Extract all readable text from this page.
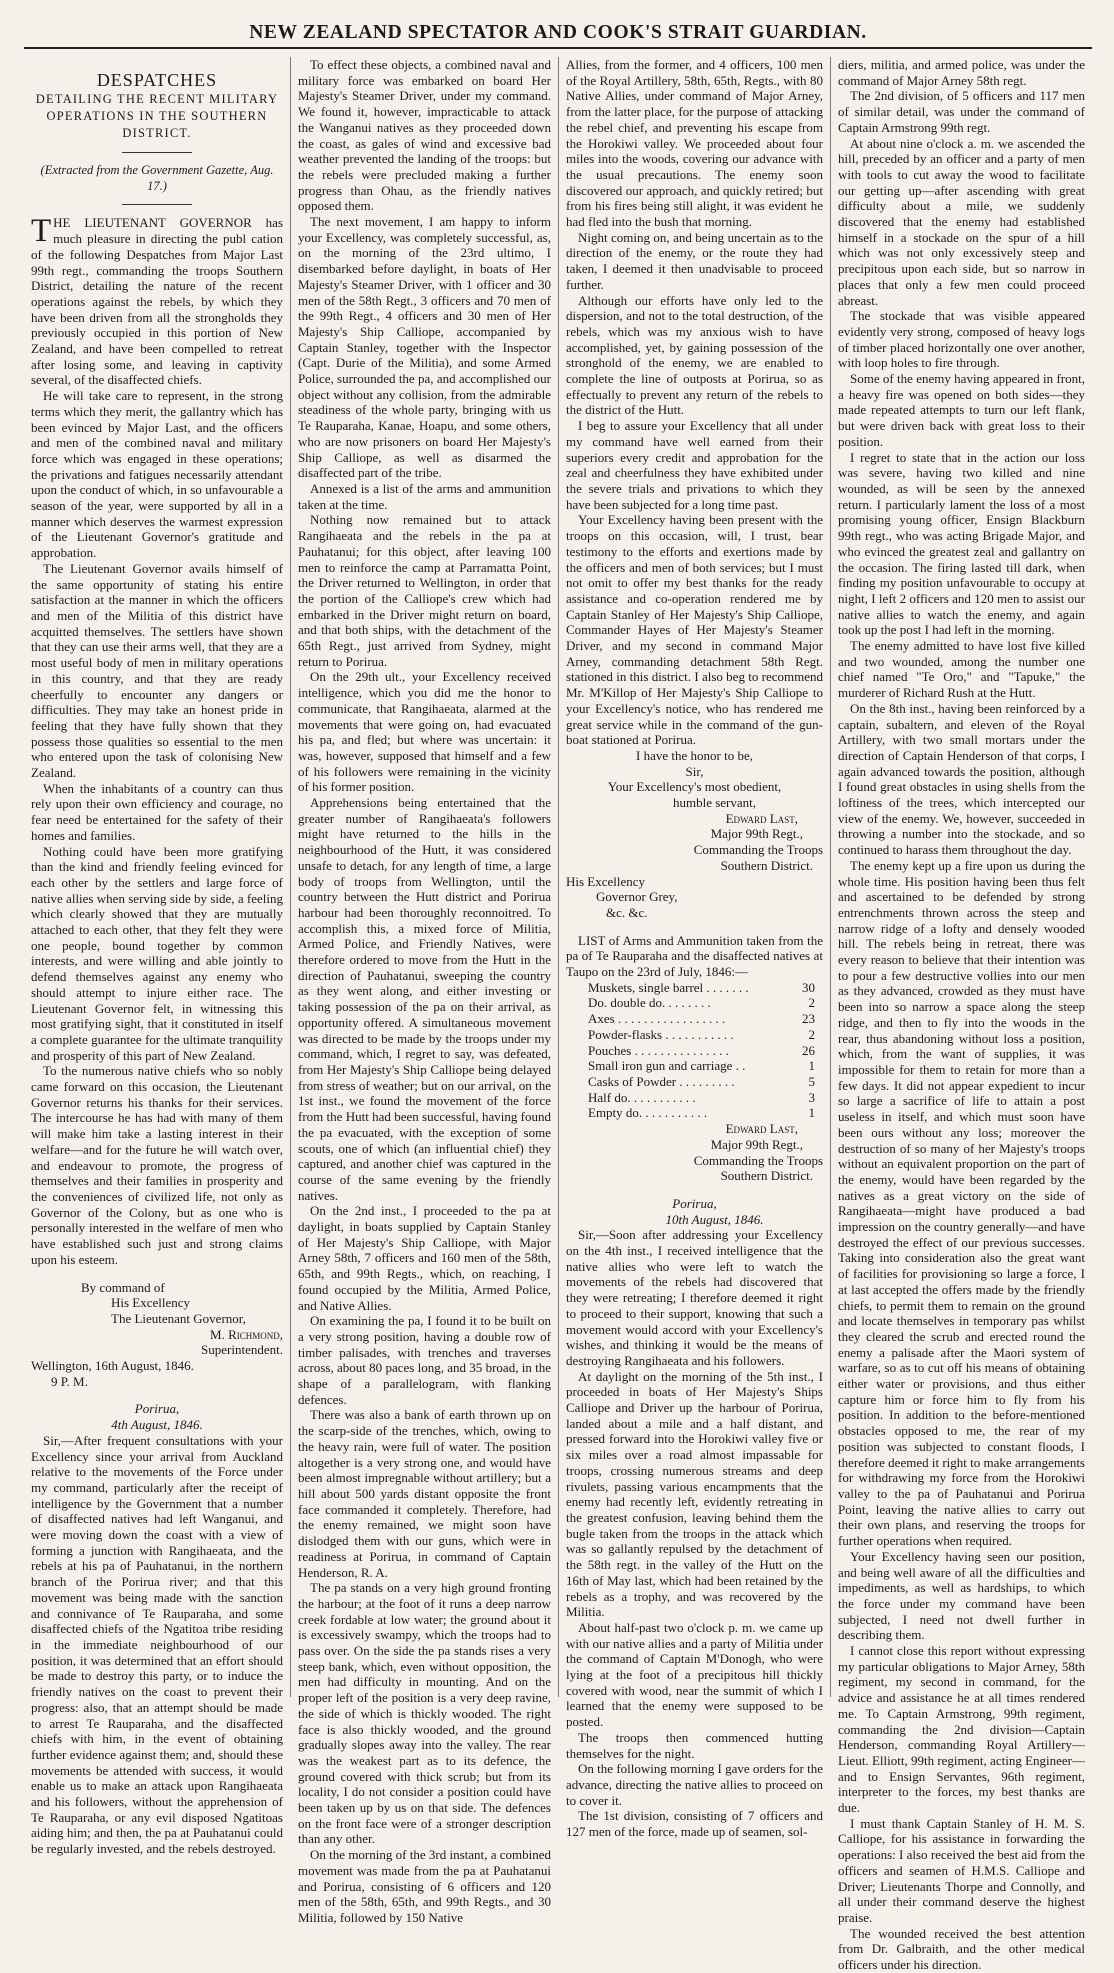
NEW ZEALAND SPECTATOR AND COOK'S STRAIT GUARDIAN.
DESPATCHES
DETAILING THE RECENT MILITARY
OPERATIONS IN THE SOUTHERN
DISTRICT.
(Extracted from the Government Gazette, Aug. 17.)

THE LIEUTENANT GOVERNOR has much pleasure in directing the publ cation of the following Despatches from Major Last 99th regt., commanding the troops Southern District, detailing the nature of the recent operations against the rebels, by which they have been driven from all the strongholds they previously occupied in this portion of New Zealand, and have been compelled to retreat after losing some, and leaving in captivity several, of the disaffected chiefs.

He will take care to represent, in the strong terms which they merit, the gallantry which has been evinced by Major Last, and the officers and men of the combined naval and military force which was engaged in these operations; the privations and fatigues necessarily attendant upon the conduct of which, in so unfavourable a season of the year, were supported by all in a manner which deserves the warmest expression of the Lieutenant Governor's gratitude and approbation.

The Lieutenant Governor avails himself of the same opportunity of stating his entire satisfaction at the manner in which the officers and men of the Militia of this district have acquitted themselves. The settlers have shown that they can use their arms well, that they are a most useful body of men in military operations in this country, and that they are ready cheerfully to encounter any dangers or difficulties. They may take an honest pride in feeling that they have fully shown that they possess those qualities so essential to the men who entered upon the task of colonising New Zealand.

When the inhabitants of a country can thus rely upon their own efficiency and courage, no fear need be entertained for the safety of their homes and families.

Nothing could have been more gratifying than the kind and friendly feeling evinced for each other by the settlers and large force of native allies when serving side by side, a feeling which clearly showed that they are mutually attached to each other, that they felt they were one people, bound together by common interests, and were willing and able jointly to defend themselves against any enemy who should attempt to injure either race. The Lieutenant Governor felt, in witnessing this most gratifying sight, that it constituted in itself a complete guarantee for the ultimate tranquility and prosperity of this part of New Zealand.

To the numerous native chiefs who so nobly came forward on this occasion, the Lieutenant Governor returns his thanks for their services. The intercourse he has had with many of them will make him take a lasting interest in their welfare—and for the future he will watch over, and endeavour to promote, the progress of themselves and their families in prosperity and the conveniences of civilized life, not only as Governor of the Colony, but as one who is personally interested in the welfare of men who have established such just and strong claims upon his esteem.

By command of

His Excellency

The Lieutenant Governor,

M. Richmond,

Superintendent.

Wellington, 16th August, 1846.

9 P. M.

Porirua,

4th August, 1846.

Sir,—After frequent consultations with your Excellency since your arrival from Auckland relative to the movements of the Force under my command, particularly after the receipt of intelligence by the Government that a number of disaffected natives had left Wanganui, and were moving down the coast with a view of forming a junction with Rangihaeata, and the rebels at his pa of Pauhatanui, in the northern branch of the Porirua river; and that this movement was being made with the sanction and connivance of Te Rauparaha, and some disaffected chiefs of the Ngatitoa tribe residing in the immediate neighbourhood of our position, it was determined that an effort should be made to destroy this party, or to induce the friendly natives on the coast to prevent their progress: also, that an attempt should be made to arrest Te Rauparaha, and the disaffected chiefs with him, in the event of obtaining further evidence against them; and, should these movements be attended with success, it would enable us to make an attack upon Rangihaeata and his followers, without the apprehension of Te Rauparaha, or any evil disposed Ngatitoas aiding him; and then, the pa at Pauhatanui could be regularly invested, and the rebels destroyed.

To effect these objects, a combined naval and military force was embarked on board Her Majesty's Steamer Driver, under my command. We found it, however, impracticable to attack the Wanganui natives as they proceeded down the coast, as gales of wind and excessive bad weather prevented the landing of the troops: but the rebels were precluded making a further progress than Ohau, as the friendly natives opposed them.

The next movement, I am happy to inform your Excellency, was completely successful, as, on the morning of the 23rd ultimo, I disembarked before daylight, in boats of Her Majesty's Steamer Driver, with 1 officer and 30 men of the 58th Regt., 3 officers and 70 men of the 99th Regt., 4 officers and 30 men of Her Majesty's Ship Calliope, accompanied by Captain Stanley, together with the Inspector (Capt. Durie of the Militia), and some Armed Police, surrounded the pa, and accomplished our object without any collision, from the admirable steadiness of the whole party, bringing with us Te Rauparaha, Kanae, Hoapu, and some others, who are now prisoners on board Her Majesty's Ship Calliope, as well as disarmed the disaffected part of the tribe.

Annexed is a list of the arms and ammunition taken at the time.

Nothing now remained but to attack Rangihaeata and the rebels in the pa at Pauhatanui; for this object, after leaving 100 men to reinforce the camp at Parramatta Point, the Driver returned to Wellington, in order that the portion of the Calliope's crew which had embarked in the Driver might return on board, and that both ships, with the detachment of the 65th Regt., just arrived from Sydney, might return to Porirua.

On the 29th ult., your Excellency received intelligence, which you did me the honor to communicate, that Rangihaeata, alarmed at the movements that were going on, had evacuated his pa, and fled; but where was uncertain: it was, however, supposed that himself and a few of his followers were remaining in the vicinity of his former position.

Apprehensions being entertained that the greater number of Rangihaeata's followers might have returned to the hills in the neighbourhood of the Hutt, it was considered unsafe to detach, for any length of time, a large body of troops from Wellington, until the country between the Hutt district and Porirua harbour had been thoroughly reconnoitred. To accomplish this, a mixed force of Militia, Armed Police, and Friendly Natives, were therefore ordered to move from the Hutt in the direction of Pauhatanui, sweeping the country as they went along, and either investing or taking possession of the pa on their arrival, as opportunity offered. A simultaneous movement was directed to be made by the troops under my command, which, I regret to say, was defeated, from Her Majesty's Ship Calliope being delayed from stress of weather; but on our arrival, on the 1st inst., we found the movement of the force from the Hutt had been successful, having found the pa evacuated, with the exception of some scouts, one of which (an influential chief) they captured, and another chief was captured in the course of the same evening by the friendly natives.

On the 2nd inst., I proceeded to the pa at daylight, in boats supplied by Captain Stanley of Her Majesty's Ship Calliope, with Major Arney 58th, 7 officers and 160 men of the 58th, 65th, and 99th Regts., which, on reaching, I found occupied by the Militia, Armed Police, and Native Allies.

On examining the pa, I found it to be built on a very strong position, having a double row of timber palisades, with trenches and traverses across, about 80 paces long, and 35 broad, in the shape of a parallelogram, with flanking defences.

There was also a bank of earth thrown up on the scarp-side of the trenches, which, owing to the heavy rain, were full of water. The position altogether is a very strong one, and would have been almost impregnable without artillery; but a hill about 500 yards distant opposite the front face commanded it completely. Therefore, had the enemy remained, we might soon have dislodged them with our guns, which were in readiness at Porirua, in command of Captain Henderson, R. A.

The pa stands on a very high ground fronting the harbour; at the foot of it runs a deep narrow creek fordable at low water; the ground about it is excessively swampy, which the troops had to pass over. On the side the pa stands rises a very steep bank, which, even without opposition, the men had difficulty in mounting. And on the proper left of the position is a very deep ravine, the side of which is thickly wooded. The right face is also thickly wooded, and the ground gradually slopes away into the valley. The rear was the weakest part as to its defence, the ground covered with thick scrub; but from its locality, I do not consider a position could have been taken up by us on that side. The defences on the front face were of a stronger description than any other.

On the morning of the 3rd instant, a combined movement was made from the pa at Pauhatanui and Porirua, consisting of 6 officers and 120 men of the 58th, 65th, and 99th Regts., and 30 Militia, followed by 150 Native

Allies, from the former, and 4 officers, 100 men of the Royal Artillery, 58th, 65th, Regts., with 80 Native Allies, under command of Major Arney, from the latter place, for the purpose of attacking the rebel chief, and preventing his escape from the Horokiwi valley. We proceeded about four miles into the woods, covering our advance with the usual precautions. The enemy soon discovered our approach, and quickly retired; but from his fires being still alight, it was evident he had fled into the bush that morning.

Night coming on, and being uncertain as to the direction of the enemy, or the route they had taken, I deemed it then unadvisable to proceed further.

Although our efforts have only led to the dispersion, and not to the total destruction, of the rebels, which was my anxious wish to have accomplished, yet, by gaining possession of the stronghold of the enemy, we are enabled to complete the line of outposts at Porirua, so as effectually to prevent any return of the rebels to the district of the Hutt.

I beg to assure your Excellency that all under my command have well earned from their superiors every credit and approbation for the zeal and cheerfulness they have exhibited under the severe trials and privations to which they have been subjected for a long time past.

Your Excellency having been present with the troops on this occasion, will, I trust, bear testimony to the efforts and exertions made by the officers and men of both services; but I must not omit to offer my best thanks for the ready assistance and co-operation rendered me by Captain Stanley of Her Majesty's Ship Calliope, Commander Hayes of Her Majesty's Steamer Driver, and my second in command Major Arney, commanding detachment 58th Regt. stationed in this district. I also beg to recommend Mr. M'Killop of Her Majesty's Ship Calliope to your Excellency's notice, who has rendered me great service while in the command of the gun-boat stationed at Porirua.

I have the honor to be,

Sir,

Your Excellency's most obedient,

humble servant,

Edward Last,

Major 99th Regt.,

Commanding the Troops

Southern District.

His Excellency

Governor Grey,

&c. &c.

LIST of Arms and Ammunition taken from the pa of Te Rauparaha and the disaffected natives at Taupo on the 23rd of July, 1846:—

Muskets, single barrel . . . . . . .	30
Do. double do. . . . . . . .	2
Axes . . . . . . . . . . . . . . . . .	23
Powder-flasks . . . . . . . . . . .	2
Pouches . . . . . . . . . . . . . . .	26
Small iron gun and carriage . .	1
Casks of Powder . . . . . . . . .	5
Half do. . . . . . . . . . .	3
Empty do. . . . . . . . . . .	1

Edward Last,

Major 99th Regt.,

Commanding the Troops

Southern District.

Porirua,

10th August, 1846.

Sir,—Soon after addressing your Excellency on the 4th inst., I received intelligence that the native allies who were left to watch the movements of the rebels had discovered that they were retreating; I therefore deemed it right to proceed to their support, knowing that such a movement would accord with your Excellency's wishes, and thinking it would be the means of destroying Rangihaeata and his followers.

At daylight on the morning of the 5th inst., I proceeded in boats of Her Majesty's Ships Calliope and Driver up the harbour of Porirua, landed about a mile and a half distant, and pressed forward into the Horokiwi valley five or six miles over a road almost impassable for troops, crossing numerous streams and deep rivulets, passing various encampments that the enemy had recently left, evidently retreating in the greatest confusion, leaving behind them the bugle taken from the troops in the attack which was so gallantly repulsed by the detachment of the 58th regt. in the valley of the Hutt on the 16th of May last, which had been retained by the rebels as a trophy, and was recovered by the Militia.

About half-past two o'clock p. m. we came up with our native allies and a party of Militia under the command of Captain M'Donogh, who were lying at the foot of a precipitous hill thickly covered with wood, near the summit of which I learned that the enemy were supposed to be posted.

The troops then commenced hutting themselves for the night.

On the following morning I gave orders for the advance, directing the native allies to proceed on to cover it.

The 1st division, consisting of 7 officers and 127 men of the force, made up of seamen, sol-

diers, militia, and armed police, was under the command of Major Arney 58th regt.

The 2nd division, of 5 officers and 117 men of similar detail, was under the command of Captain Armstrong 99th regt.

At about nine o'clock a. m. we ascended the hill, preceded by an officer and a party of men with tools to cut away the wood to facilitate our getting up—after ascending with great difficulty about a mile, we suddenly discovered that the enemy had established himself in a stockade on the spur of a hill which was not only excessively steep and precipitous upon each side, but so narrow in places that only a few men could proceed abreast.

The stockade that was visible appeared evidently very strong, composed of heavy logs of timber placed horizontally one over another, with loop holes to fire through.

Some of the enemy having appeared in front, a heavy fire was opened on both sides—they made repeated attempts to turn our left flank, but were driven back with great loss to their position.

I regret to state that in the action our loss was severe, having two killed and nine wounded, as will be seen by the annexed return. I particularly lament the loss of a most promising young officer, Ensign Blackburn 99th regt., who was acting Brigade Major, and who evinced the greatest zeal and gallantry on the occasion. The firing lasted till dark, when finding my position unfavourable to occupy at night, I left 2 officers and 120 men to assist our native allies to watch the enemy, and again took up the post I had left in the morning.

The enemy admitted to have lost five killed and two wounded, among the number one chief named "Te Oro," and "Tapuke," the murderer of Richard Rush at the Hutt.

On the 8th inst., having been reinforced by a captain, subaltern, and eleven of the Royal Artillery, with two small mortars under the direction of Captain Henderson of that corps, I again advanced towards the position, although I found great obstacles in using shells from the loftiness of the trees, which intercepted our view of the enemy. We, however, succeeded in throwing a number into the stockade, and so continued to harass them throughout the day.

The enemy kept up a fire upon us during the whole time. His position having been thus felt and ascertained to be defended by strong entrenchments thrown across the steep and narrow ridge of a lofty and densely wooded hill. The rebels being in retreat, there was every reason to believe that their intention was to pour a few destructive vollies into our men as they advanced, crowded as they must have been into so narrow a space along the steep ridge, and then to fly into the woods in the rear, thus abandoning without loss a position, which, from the want of supplies, it was impossible for them to retain for more than a few days. It did not appear expedient to incur so large a sacrifice of life to attain a post useless in itself, and which must soon have been ours without any loss; moreover the destruction of so many of her Majesty's troops without an equivalent proportion on the part of the enemy, would have been regarded by the natives as a great victory on the side of Rangihaeata—might have produced a bad impression on the country generally—and have destroyed the effect of our previous successes. Taking into consideration also the great want of facilities for provisioning so large a force, I at last accepted the offers made by the friendly chiefs, to permit them to remain on the ground and locate themselves in temporary pas whilst they cleared the scrub and erected round the enemy a palisade after the Maori system of warfare, so as to cut off his means of obtaining either water or provisions, and thus either capture him or force him to fly from his position. In addition to the before-mentioned obstacles opposed to me, the rear of my position was subjected to constant floods, I therefore deemed it right to make arrangements for withdrawing my force from the Horokiwi valley to the pa of Pauhatanui and Porirua Point, leaving the native allies to carry out their own plans, and reserving the troops for further operations when required.

Your Excellency having seen our position, and being well aware of all the difficulties and impediments, as well as hardships, to which the force under my command have been subjected, I need not dwell further in describing them.

I cannot close this report without expressing my particular obligations to Major Arney, 58th regiment, my second in command, for the advice and assistance he at all times rendered me. To Captain Armstrong, 99th regiment, commanding the 2nd division—Captain Henderson, commanding Royal Artillery—Lieut. Elliott, 99th regiment, acting Engineer—and to Ensign Servantes, 96th regiment, interpreter to the forces, my best thanks are due.

I must thank Captain Stanley of H. M. S. Calliope, for his assistance in forwarding the operations: I also received the best aid from the officers and seamen of H.M.S. Calliope and Driver; Lieutenants Thorpe and Connolly, and all under their command deserve the highest praise.

The wounded received the best attention from Dr. Galbraith, and the other medical officers under his direction.
